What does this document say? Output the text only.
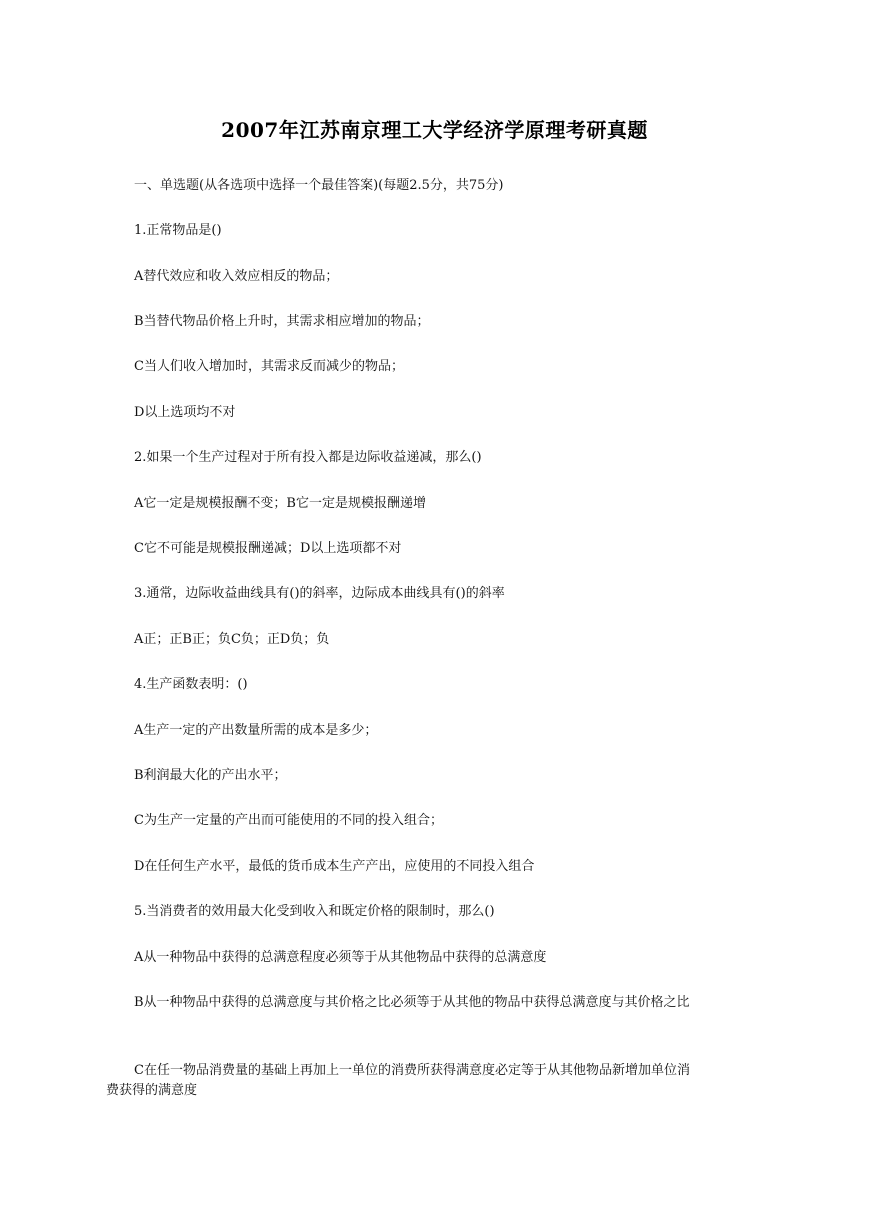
2007年江苏南京理工大学经济学原理考研真题
一、单选题(从各选项中选择一个最佳答案)(每题2.5分，共75分)
1.正常物品是()
A替代效应和收入效应相反的物品；
B当替代物品价格上升时，其需求相应增加的物品；
C当人们收入增加时，其需求反而减少的物品；
D以上选项均不对
2.如果一个生产过程对于所有投入都是边际收益递减，那么()
A它一定是规模报酬不变；B它一定是规模报酬递增
C它不可能是规模报酬递减；D以上选项都不对
3.通常，边际收益曲线具有()的斜率，边际成本曲线具有()的斜率
A正；正B正；负C负；正D负；负
4.生产函数表明：()
A生产一定的产出数量所需的成本是多少；
B利润最大化的产出水平；
C为生产一定量的产出而可能使用的不同的投入组合；
D在任何生产水平，最低的货币成本生产产出，应使用的不同投入组合
5.当消费者的效用最大化受到收入和既定价格的限制时，那么()
A从一种物品中获得的总满意程度必须等于从其他物品中获得的总满意度
B从一种物品中获得的总满意度与其价格之比必须等于从其他的物品中获得总满意度与其价格之比
C在任一物品消费量的基础上再加上一单位的消费所获得满意度必定等于从其他物品新增加单位消费获得的满意度
